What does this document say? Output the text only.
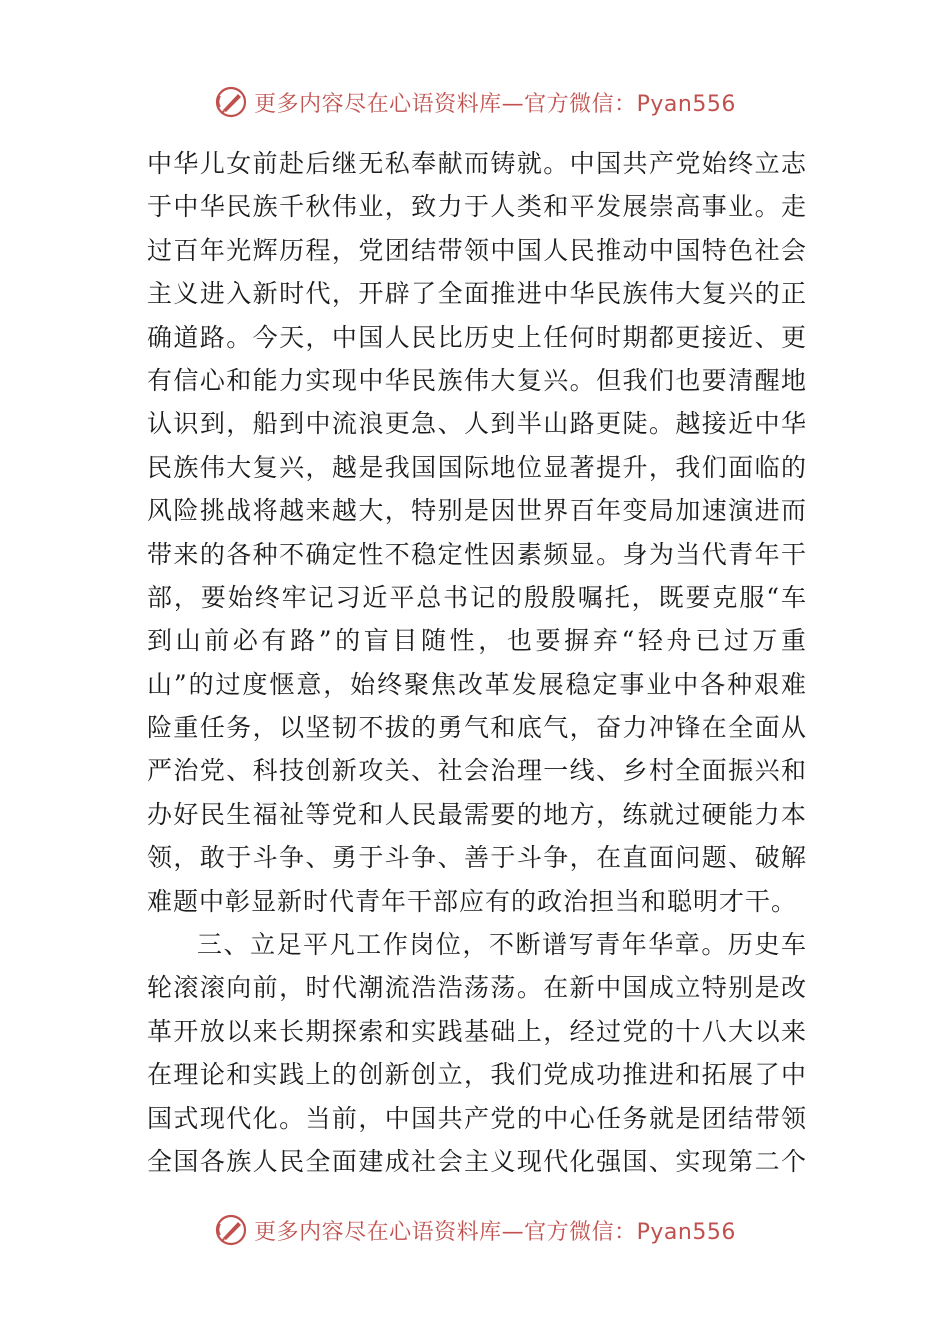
更多内容尽在心语资料库—官方微信：Pyan556
中华儿女前赴后继无私奉献而铸就。中国共产党始终立志
于中华民族千秋伟业，致力于人类和平发展崇高事业。走
过百年光辉历程，党团结带领中国人民推动中国特色社会
主义进入新时代，开辟了全面推进中华民族伟大复兴的正
确道路。今天，中国人民比历史上任何时期都更接近、更
有信心和能力实现中华民族伟大复兴。但我们也要清醒地
认识到，船到中流浪更急、人到半山路更陡。越接近中华
民族伟大复兴，越是我国国际地位显著提升，我们面临的
风险挑战将越来越大，特别是因世界百年变局加速演进而
带来的各种不确定性不稳定性因素频显。身为当代青年干
部，要始终牢记习近平总书记的殷殷嘱托，既要克服“车
到山前必有路”的盲目随性，也要摒弃“轻舟已过万重
山”的过度惬意，始终聚焦改革发展稳定事业中各种艰难
险重任务，以坚韧不拔的勇气和底气，奋力冲锋在全面从
严治党、科技创新攻关、社会治理一线、乡村全面振兴和
办好民生福祉等党和人民最需要的地方，练就过硬能力本
领，敢于斗争、勇于斗争、善于斗争，在直面问题、破解
难题中彰显新时代青年干部应有的政治担当和聪明才干。
三、立足平凡工作岗位，不断谱写青年华章。历史车
轮滚滚向前，时代潮流浩浩荡荡。在新中国成立特别是改
革开放以来长期探索和实践基础上，经过党的十八大以来
在理论和实践上的创新创立，我们党成功推进和拓展了中
国式现代化。当前，中国共产党的中心任务就是团结带领
全国各族人民全面建成社会主义现代化强国、实现第二个
更多内容尽在心语资料库—官方微信：Pyan556
